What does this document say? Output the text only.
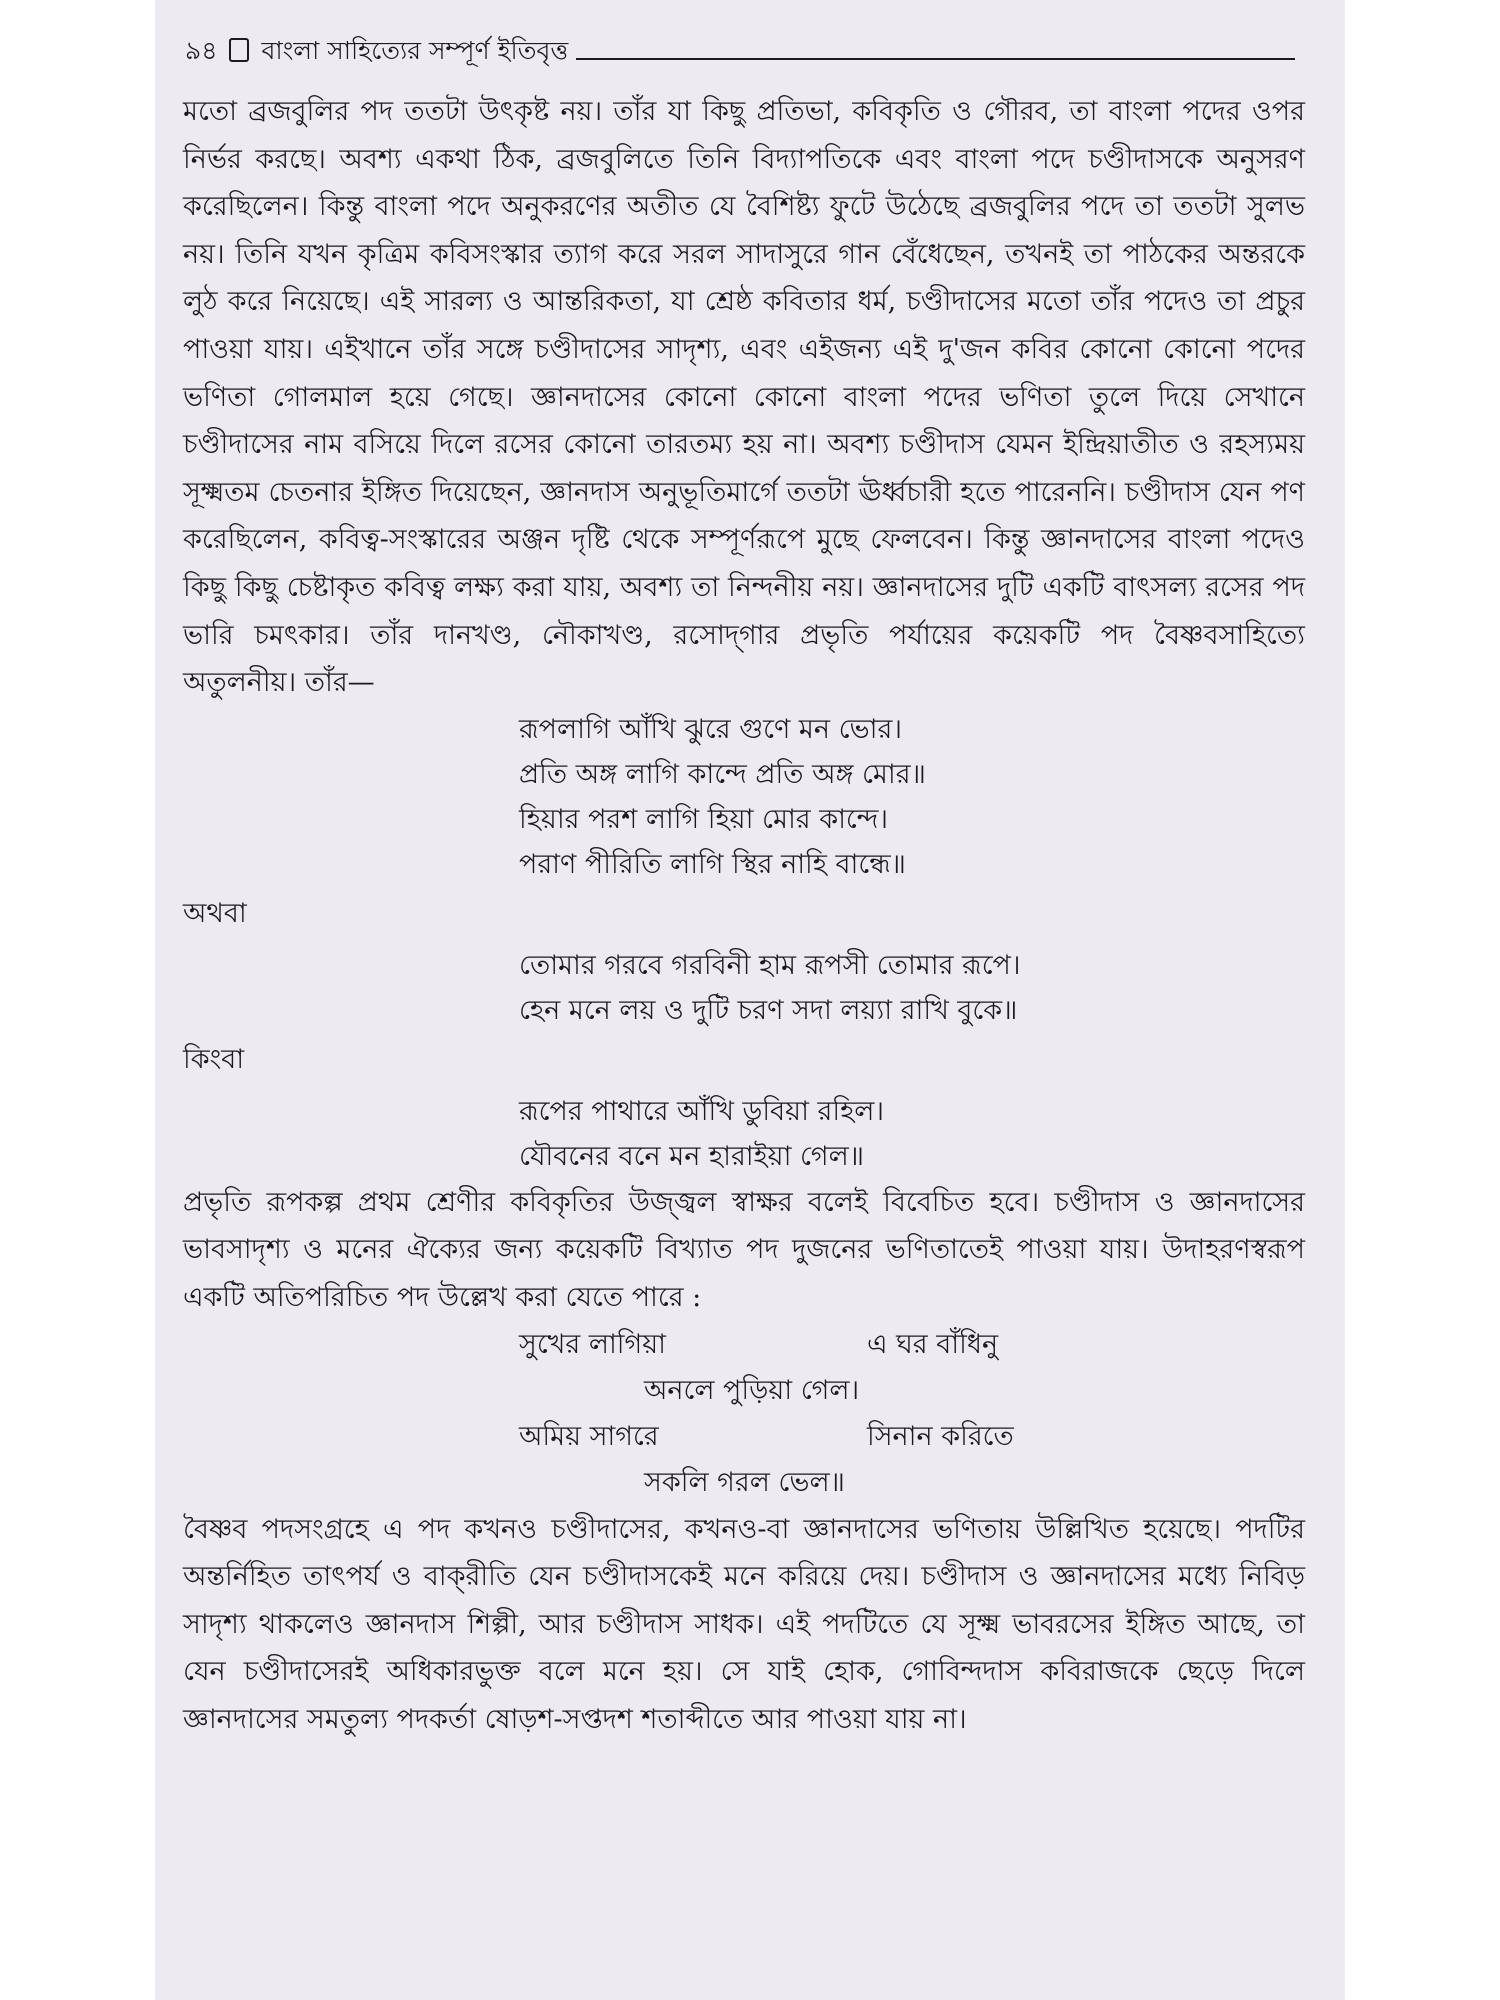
৯৪ বাংলা সাহিত্যের সম্পূর্ণ ইতিবৃত্ত

মতো ব্রজবুলির পদ ততটা উৎকৃষ্ট নয়। তাঁর যা কিছু প্রতিভা, কবিকৃতি ও গৌরব, তা বাংলা পদের ওপর নির্ভর করছে। অবশ্য একথা ঠিক, ব্রজবুলিতে তিনি বিদ্যাপতিকে এবং বাংলা পদে চণ্ডীদাসকে অনুসরণ করেছিলেন। কিন্তু বাংলা পদে অনুকরণের অতীত যে বৈশিষ্ট্য ফুটে উঠেছে ব্রজবুলির পদে তা ততটা সুলভ নয়। তিনি যখন কৃত্রিম কবিসংস্কার ত্যাগ করে সরল সাদাসুরে গান বেঁধেছেন, তখনই তা পাঠকের অন্তরকে লুঠ করে নিয়েছে। এই সারল্য ও আন্তরিকতা, যা শ্রেষ্ঠ কবিতার ধর্ম, চণ্ডীদাসের মতো তাঁর পদেও তা প্রচুর পাওয়া যায়। এইখানে তাঁর সঙ্গে চণ্ডীদাসের সাদৃশ্য, এবং এইজন্য এই দু'জন কবির কোনো কোনো পদের ভণিতা গোলমাল হয়ে গেছে। জ্ঞানদাসের কোনো কোনো বাংলা পদের ভণিতা তুলে দিয়ে সেখানে চণ্ডীদাসের নাম বসিয়ে দিলে রসের কোনো তারতম্য হয় না। অবশ্য চণ্ডীদাস যেমন ইন্দ্রিয়াতীত ও রহস্যময় সূক্ষ্মতম চেতনার ইঙ্গিত দিয়েছেন, জ্ঞানদাস অনুভূতিমার্গে ততটা ঊর্ধ্বচারী হতে পারেননি। চণ্ডীদাস যেন পণ করেছিলেন, কবিত্ব-সংস্কারের অঞ্জন দৃষ্টি থেকে সম্পূর্ণরূপে মুছে ফেলবেন। কিন্তু জ্ঞানদাসের বাংলা পদেও কিছু কিছু চেষ্টাকৃত কবিত্ব লক্ষ্য করা যায়, অবশ্য তা নিন্দনীয় নয়। জ্ঞানদাসের দুটি একটি বাৎসল্য রসের পদ ভারি চমৎকার। তাঁর দানখণ্ড, নৌকাখণ্ড, রসোদ্‌গার প্রভৃতি পর্যায়ের কয়েকটি পদ বৈষ্ণবসাহিত্যে অতুলনীয়। তাঁর—

রূপলাগি আঁখি ঝুরে গুণে মন ভোর।
প্রতি অঙ্গ লাগি কান্দে প্রতি অঙ্গ মোর॥
হিয়ার পরশ লাগি হিয়া মোর কান্দে।
পরাণ পীরিতি লাগি স্থির নাহি বান্ধে॥
অথবা
তোমার গরবে গরবিনী হাম রূপসী তোমার রূপে।
হেন মনে লয় ও দুটি চরণ সদা লয়্যা রাখি বুকে॥
কিংবা
রূপের পাথারে আঁখি ডুবিয়া রহিল।
যৌবনের বনে মন হারাইয়া গেল॥

প্রভৃতি রূপকল্প প্রথম শ্রেণীর কবিকৃতির উজ্জ্বল স্বাক্ষর বলেই বিবেচিত হবে। চণ্ডীদাস ও জ্ঞানদাসের ভাবসাদৃশ্য ও মনের ঐক্যের জন্য কয়েকটি বিখ্যাত পদ দুজনের ভণিতাতেই পাওয়া যায়। উদাহরণস্বরূপ একটি অতিপরিচিত পদ উল্লেখ করা যেতে পারে :

সুখের লাগিয়া	এ ঘর বাঁধিনু
অনলে পুড়িয়া গেল।
অমিয় সাগরে	সিনান করিতে
সকলি গরল ভেল॥

বৈষ্ণব পদসংগ্রহে এ পদ কখনও চণ্ডীদাসের, কখনও-বা জ্ঞানদাসের ভণিতায় উল্লিখিত হয়েছে। পদটির অন্তর্নিহিত তাৎপর্য ও বাক্‌রীতি যেন চণ্ডীদাসকেই মনে করিয়ে দেয়। চণ্ডীদাস ও জ্ঞানদাসের মধ্যে নিবিড় সাদৃশ্য থাকলেও জ্ঞানদাস শিল্পী, আর চণ্ডীদাস সাধক। এই পদটিতে যে সূক্ষ্ম ভাবরসের ইঙ্গিত আছে, তা যেন চণ্ডীদাসেরই অধিকারভুক্ত বলে মনে হয়। সে যাই হোক, গোবিন্দদাস কবিরাজকে ছেড়ে দিলে জ্ঞানদাসের সমতুল্য পদকর্তা ষোড়শ-সপ্তদশ শতাব্দীতে আর পাওয়া যায় না।
